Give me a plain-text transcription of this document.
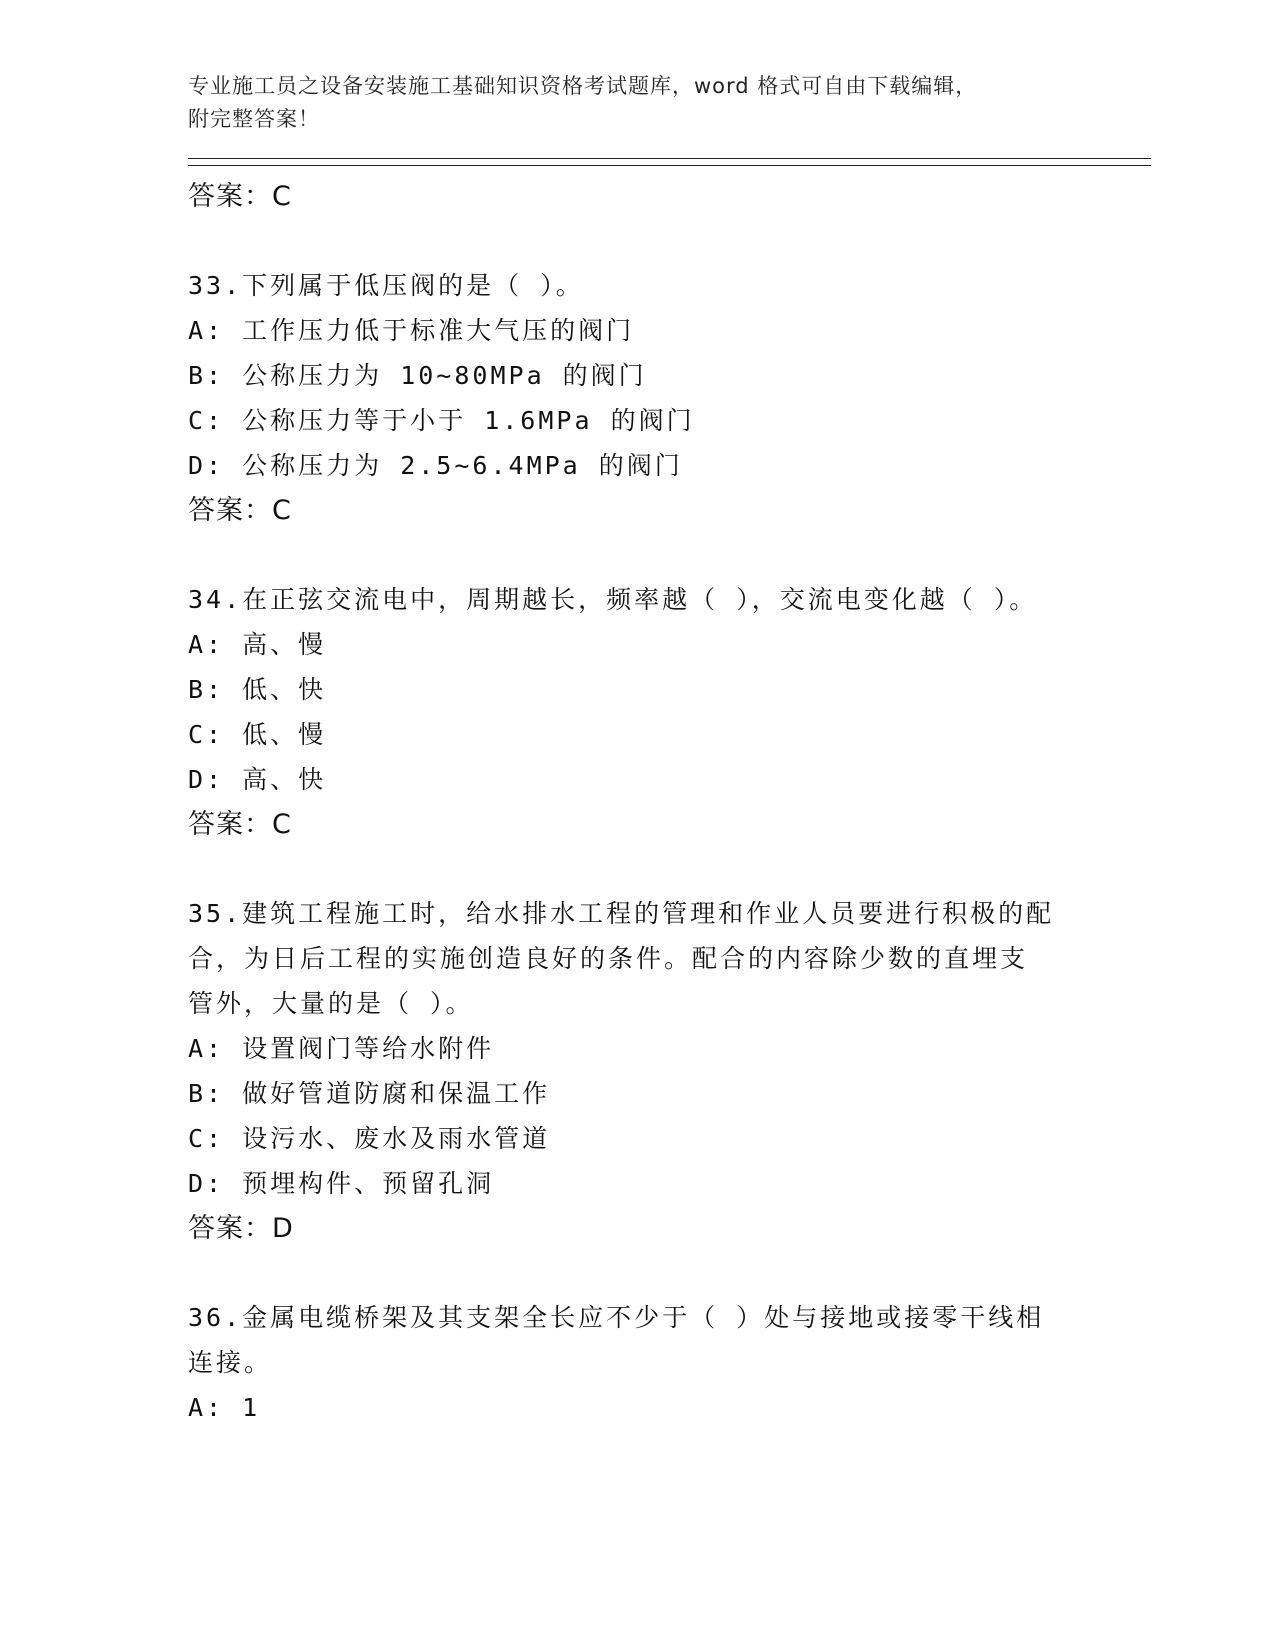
专业施工员之设备安装施工基础知识资格考试题库，word 格式可自由下载编辑，
附完整答案！
答案：C
33.下列属于低压阀的是（ ）。
A: 工作压力低于标准大气压的阀门
B: 公称压力为 10~80MPa 的阀门
C: 公称压力等于小于 1.6MPa 的阀门
D: 公称压力为 2.5~6.4MPa 的阀门
答案：C
34.在正弦交流电中，周期越长，频率越（ ），交流电变化越（ ）。
A: 高、慢
B: 低、快
C: 低、慢
D: 高、快
答案：C
35.建筑工程施工时，给水排水工程的管理和作业人员要进行积极的配
合，为日后工程的实施创造良好的条件。配合的内容除少数的直埋支
管外，大量的是（ ）。
A: 设置阀门等给水附件
B: 做好管道防腐和保温工作
C: 设污水、废水及雨水管道
D: 预埋构件、预留孔洞
答案：D
36.金属电缆桥架及其支架全长应不少于（ ）处与接地或接零干线相
连接。
A: 1
